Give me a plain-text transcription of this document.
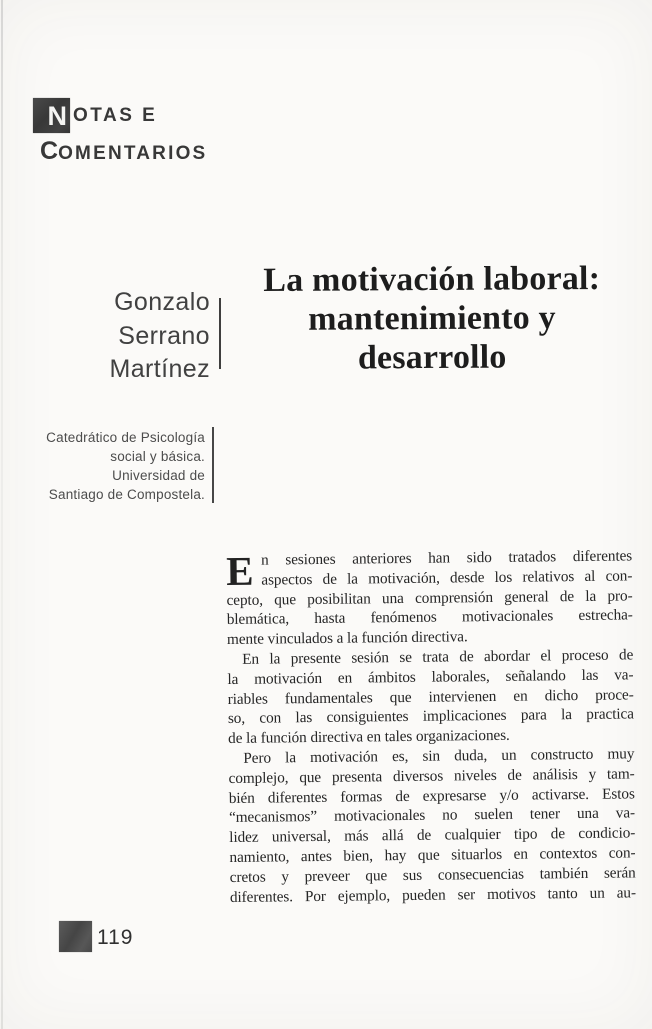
N OTAS E
C OMENTARIOS
Gonzalo
Serrano
Martínez
La motivación laboral:
mantenimiento y
desarrollo
Catedrático de Psicología
social y básica.
Universidad de
Santiago de Compostela.
E n sesiones anteriores han sido tratados diferentes
aspectos de la motivación, desde los relativos al con-
cepto, que posibilitan una comprensión general de la pro-
blemática, hasta fenómenos motivacionales estrecha-
mente vinculados a la función directiva.
En la presente sesión se trata de abordar el proceso de
la motivación en ámbitos laborales, señalando las va-
riables fundamentales que intervienen en dicho proce-
so, con las consiguientes implicaciones para la practica
de la función directiva en tales organizaciones.
Pero la motivación es, sin duda, un constructo muy
complejo, que presenta diversos niveles de análisis y tam-
bién diferentes formas de expresarse y/o activarse. Estos
“mecanismos” motivacionales no suelen tener una va-
lidez universal, más allá de cualquier tipo de condicio-
namiento, antes bien, hay que situarlos en contextos con-
cretos y preveer que sus consecuencias también serán
diferentes. Por ejemplo, pueden ser motivos tanto un au-
119
